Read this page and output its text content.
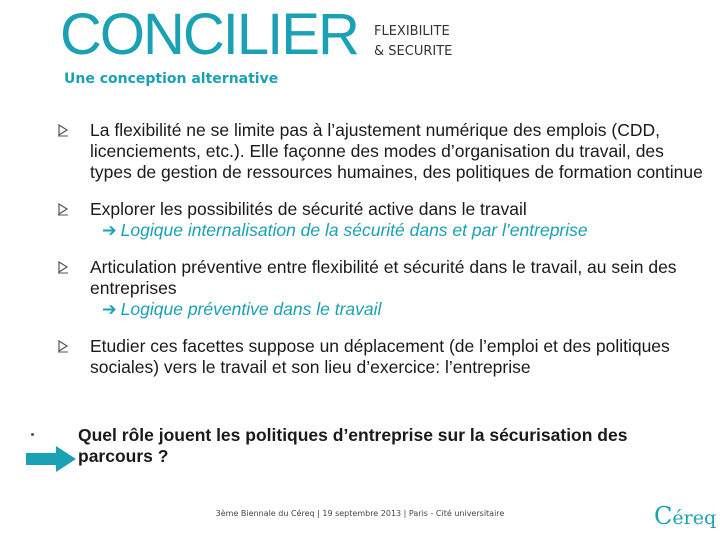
CONCILIER FLEXIBILITE
& SECURITE
Une conception alternative
La flexibilité ne se limite pas à l’ajustement numérique des emplois (CDD, licenciements, etc.). Elle façonne des modes d’organisation du travail, des types de gestion de ressources humaines, des politiques de formation continue
Explorer les possibilités de sécurité active dans le travail
➔ Logique internalisation de la sécurité dans et par l’entreprise
Articulation préventive entre flexibilité et sécurité dans le travail, au sein des entreprises
➔ Logique préventive dans le travail
Etudier ces facettes suppose un déplacement (de l’emploi et des politiques sociales) vers le travail et son lieu d’exercice: l’entreprise
Quel rôle jouent les politiques d’entreprise sur la sécurisation des parcours ?
3ème Biennale du Céreq | 19 septembre 2013 | Paris - Cité universitaire	Céreq
